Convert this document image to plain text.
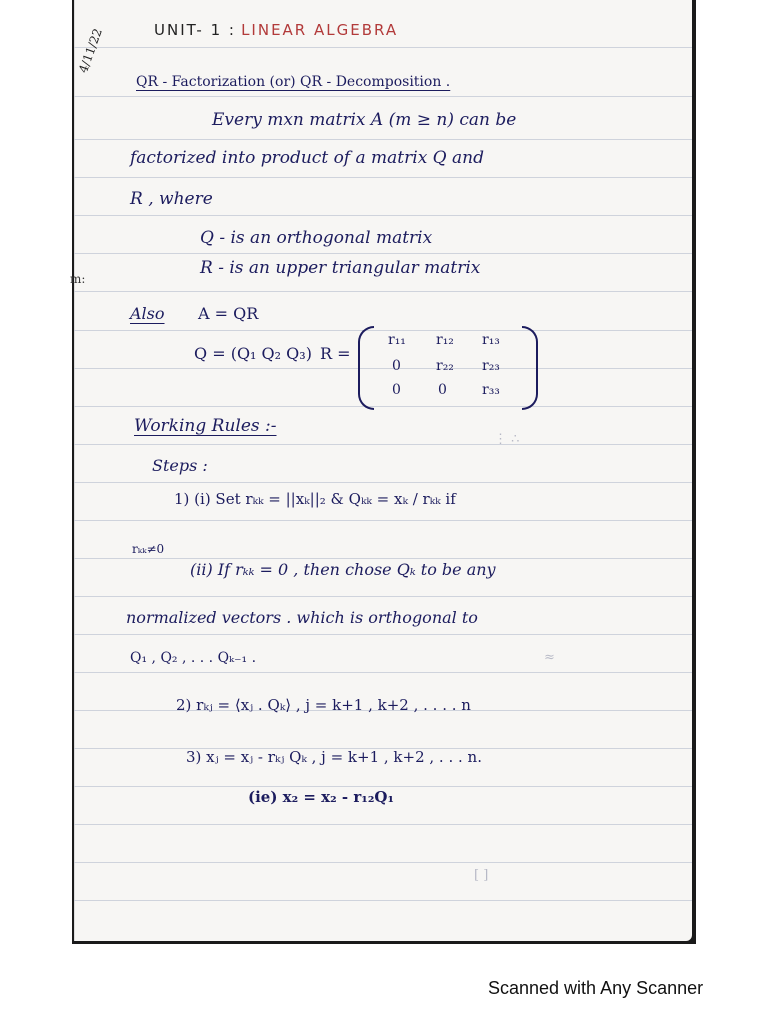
4/11/22	UNIT- 1 : LINEAR ALGEBRA
QR - Factorization (or) QR - Decomposition .
Every mxn matrix A (m ≥ n) can be
factorized into product of a matrix Q and
R , where
Q - is an orthogonal matrix
R - is an upper triangular matrix
Also A = QR
Q = (Q₁ Q₂ Q₃) R =
r₁₁ r₁₂ r₁₃
0	r₂₂ r₂₃
0	0	r₃₃
Working Rules :-
Steps :
1) (i) Set rₖₖ = ||xₖ||₂ & Qₖₖ = xₖ / rₖₖ if
rₖₖ≠0
(ii) If rₖₖ = 0 , then chose Qₖ to be any
normalized vectors . which is orthogonal to
Q₁ , Q₂ , . . . Qₖ₋₁ .
2) rₖⱼ = ⟨xⱼ . Qₖ⟩ , j = k+1 , k+2 , . . . . n
3) xⱼ = xⱼ - rₖⱼ Qₖ , j = k+1 , k+2 , . . . n.
(ie) x₂ = x₂ - r₁₂Q₁
⋮ ∴
≈
[ ]
m:
Scanned with Any Scanner
